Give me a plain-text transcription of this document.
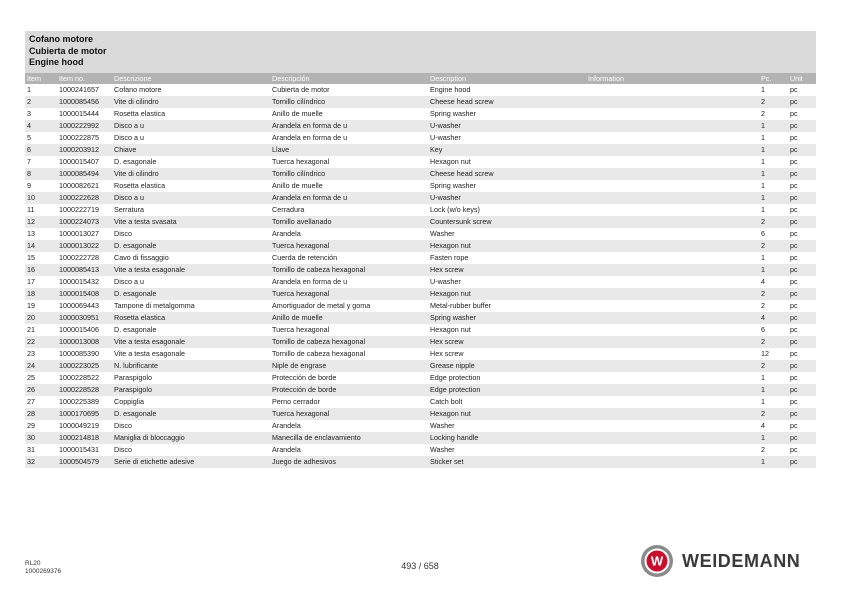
Cofano motore
Cubierta de motor
Engine hood
Item	Item no.	Descrizione	Descripción	Description	Information	Pc.	Unit
1	1000241657	Cofano motore	Cubierta de motor	Engine hood		1	pc
2	1000085456	Vite di cilindro	Tornillo cilíndrico	Cheese head screw		2	pc
3	1000015444	Rosetta elastica	Anillo de muelle	Spring washer		2	pc
4	1000222992	Disco a u	Arandela en forma de u	U-washer		1	pc
5	1000222875	Disco a u	Arandela en forma de u	U-washer		1	pc
6	1000203912	Chiave	Llave	Key		1	pc
7	1000015407	D. esagonale	Tuerca hexagonal	Hexagon nut		1	pc
8	1000085494	Vite di cilindro	Tornillo cilíndrico	Cheese head screw		1	pc
9	1000082621	Rosetta elastica	Anillo de muelle	Spring washer		1	pc
10	1000222628	Disco a u	Arandela en forma de u	U-washer		1	pc
11	1000222719	Serratura	Cerradura	Lock (w/o keys)		1	pc
12	1000224073	Vite a testa svasata	Tornillo avellanado	Countersunk screw		2	pc
13	1000013027	Disco	Arandela	Washer		6	pc
14	1000013022	D. esagonale	Tuerca hexagonal	Hexagon nut		2	pc
15	1000222728	Cavo di fissaggio	Cuerda de retención	Fasten rope		1	pc
16	1000085413	Vite a testa esagonale	Tornillo de cabeza hexagonal	Hex screw		1	pc
17	1000015432	Disco a u	Arandela en forma de u	U-washer		4	pc
18	1000015408	D. esagonale	Tuerca hexagonal	Hexagon nut		2	pc
19	1000069443	Tampone di metalgomma	Amortiguador de metal y goma	Metal-rubber buffer		2	pc
20	1000030951	Rosetta elastica	Anillo de muelle	Spring washer		4	pc
21	1000015406	D. esagonale	Tuerca hexagonal	Hexagon nut		6	pc
22	1000013008	Vite a testa esagonale	Tornillo de cabeza hexagonal	Hex screw		2	pc
23	1000085390	Vite a testa esagonale	Tornillo de cabeza hexagonal	Hex screw		12	pc
24	1000223025	N. lubrificante	Niple de engrase	Grease nipple		2	pc
25	1000228522	Paraspigolo	Protección de borde	Edge protection		1	pc
26	1000228528	Paraspigolo	Protección de borde	Edge protection		1	pc
27	1000225389	Coppiglia	Perno cerrador	Catch bolt		1	pc
28	1000170695	D. esagonale	Tuerca hexagonal	Hexagon nut		2	pc
29	1000049219	Disco	Arandela	Washer		4	pc
30	1000214818	Maniglia di bloccaggio	Manecilla de enclavamiento	Locking handle		1	pc
31	1000015431	Disco	Arandela	Washer		2	pc
32	1000504579	Serie di etichette adesive	Juego de adhesivos	Sticker set		1	pc
RL20
1000269376
493 / 658	W WEIDEMANN
